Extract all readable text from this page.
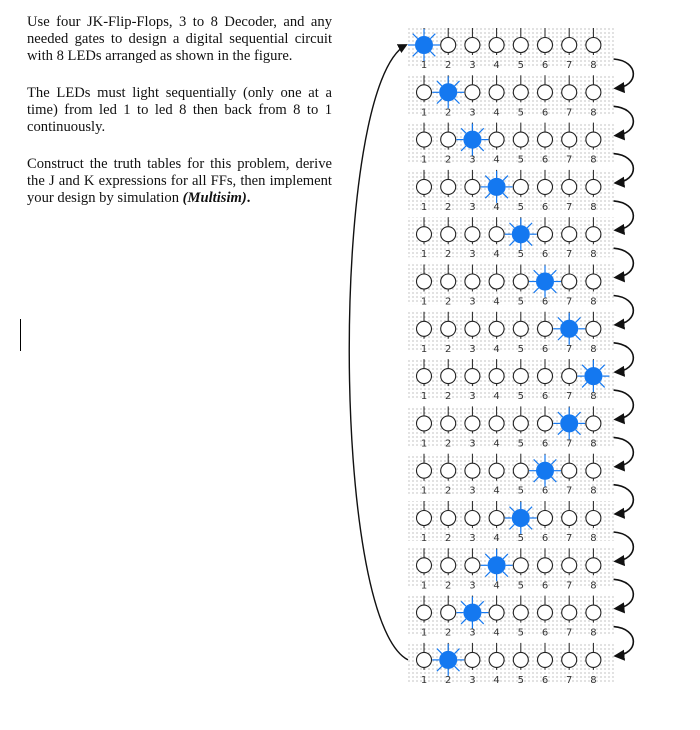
Use four JK-Flip-Flops, 3 to 8 Decoder, and any needed gates to design a digital sequential circuit with 8 LEDs arranged as shown in the figure.

The LEDs must light sequentially (only one at a time) from led 1 to led 8 then back from 8 to 1 continuously.

Construct the truth tables for this problem, derive the J and K expressions for all FFs, then implement your design by simulation (Multisim).

1 2 3 4 5 6 7 8
1 2 3 4 5 6 7 8
1 2 3 4 5 6 7 8
1 2 3 4 5 6 7 8
1 2 3 4 5 6 7 8
1 2 3 4 5 6 7 8
1 2 3 4 5 6 7 8
1 2 3 4 5 6 7 8
1 2 3 4 5 6 7 8
1 2 3 4 5 6 7 8
1 2 3 4 5 6 7 8
1 2 3 4 5 6 7 8
1 2 3 4 5 6 7 8
1 2 3 4 5 6 7 8
